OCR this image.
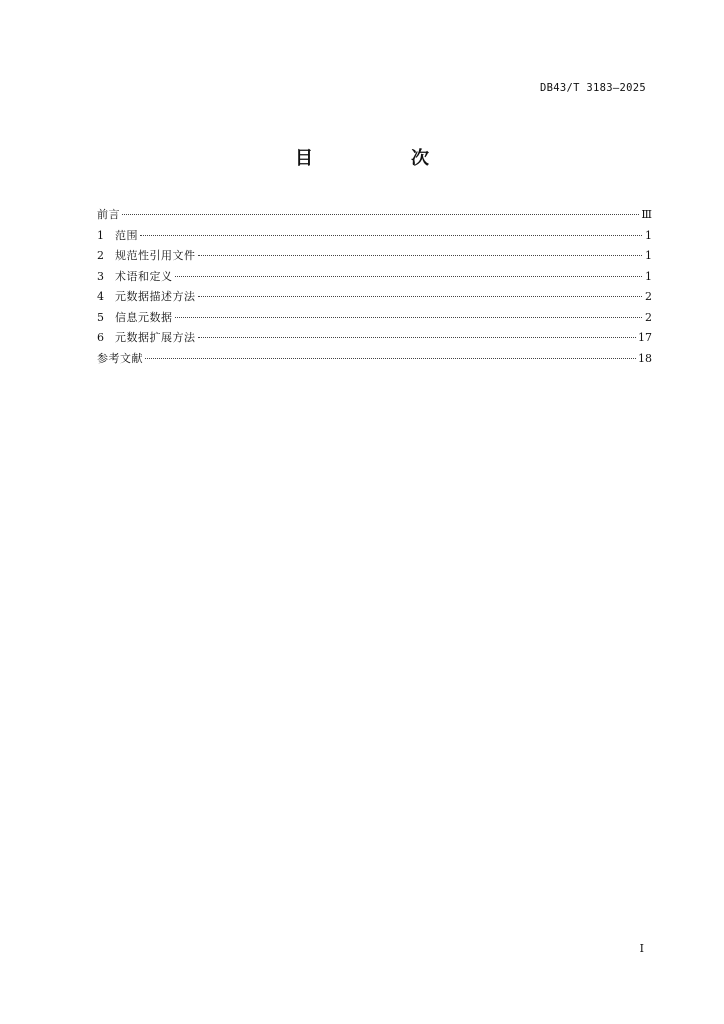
DB43/T 3183—2025
目　次
前言	Ⅲ
1	范围	1
2	规范性引用文件	1
3	术语和定义	1
4	元数据描述方法	2
5	信息元数据	2
6	元数据扩展方法	17
参考文献	18
I
